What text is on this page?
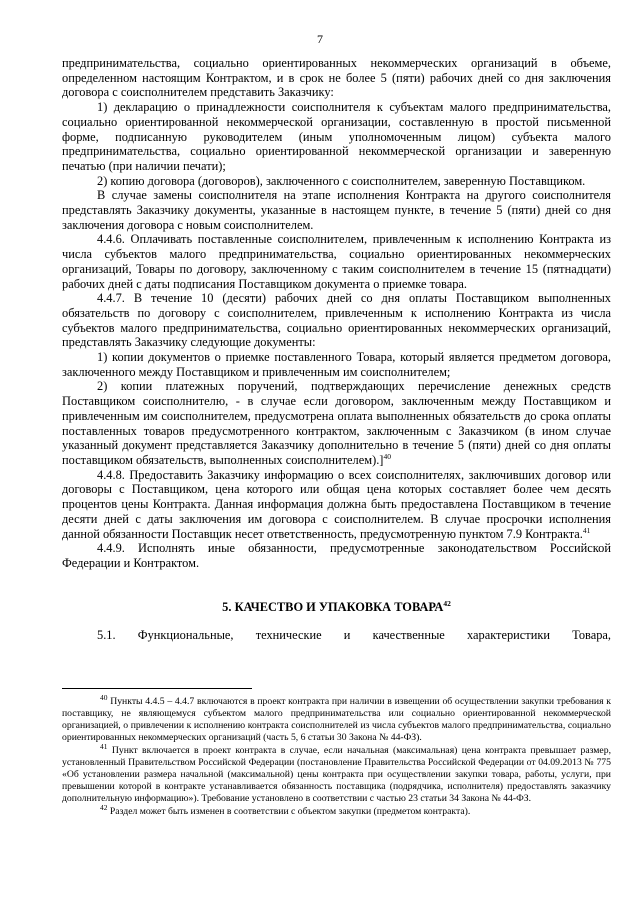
7

предпринимательства, социально ориентированных некоммерческих организаций в объеме, определенном настоящим Контрактом, и в срок не более 5 (пяти) рабочих дней со дня заключения договора с соисполнителем представить Заказчику:

1) декларацию о принадлежности соисполнителя к субъектам малого предпринимательства, социально ориентированной некоммерческой организации, составленную в простой письменной форме, подписанную руководителем (иным уполномоченным лицом) субъекта малого предпринимательства, социально ориентированной некоммерческой организации и заверенную печатью (при наличии печати);

2) копию договора (договоров), заключенного с соисполнителем, заверенную Поставщиком.

В случае замены соисполнителя на этапе исполнения Контракта на другого соисполнителя представлять Заказчику документы, указанные в настоящем пункте, в течение 5 (пяти) дней со дня заключения договора с новым соисполнителем.

4.4.6. Оплачивать поставленные соисполнителем, привлеченным к исполнению Контракта из числа субъектов малого предпринимательства, социально ориентированных некоммерческих организаций, Товары по договору, заключенному с таким соисполнителем в течение 15 (пятнадцати) рабочих дней с даты подписания Поставщиком документа о приемке товара.

4.4.7. В течение 10 (десяти) рабочих дней со дня оплаты Поставщиком выполненных обязательств по договору с соисполнителем, привлеченным к исполнению Контракта из числа субъектов малого предпринимательства, социально ориентированных некоммерческих организаций, представлять Заказчику следующие документы:

1) копии документов о приемке поставленного Товара, который является предметом договора, заключенного между Поставщиком и привлеченным им соисполнителем;

2) копии платежных поручений, подтверждающих перечисление денежных средств Поставщиком соисполнителю, - в случае если договором, заключенным между Поставщиком и привлеченным им соисполнителем, предусмотрена оплата выполненных обязательств до срока оплаты поставленных товаров предусмотренного контрактом, заключенным с Заказчиком (в ином случае указанный документ представляется Заказчику дополнительно в течение 5 (пяти) дней со дня оплаты поставщиком обязательств, выполненных соисполнителем).]$^{40}$

4.4.8. Предоставить Заказчику информацию о всех соисполнителях, заключивших договор или договоры с Поставщиком, цена которого или общая цена которых составляет более чем десять процентов цены Контракта. Данная информация должна быть предоставлена Поставщиком в течение десяти дней с даты заключения им договора с соисполнителем. В случае просрочки исполнения данной обязанности Поставщик несет ответственность, предусмотренную пунктом 7.9 Контракта.$^{41}$

4.4.9. Исполнять иные обязанности, предусмотренные законодательством Российской Федерации и Контрактом.

5. КАЧЕСТВО И УПАКОВКА ТОВАРА$^{42}$

5.1. Функциональные, технические и качественные характеристики Товара,

$^{40}$ Пункты 4.4.5 – 4.4.7 включаются в проект контракта при наличии в извещении об осуществлении закупки требования к поставщику, не являющемуся субъектом малого предпринимательства или социально ориентированной некоммерческой организацией, о привлечении к исполнению контракта соисполнителей из числа субъектов малого предпринимательства, социально ориентированных некоммерческих организаций (часть 5, 6 статьи 30 Закона № 44-ФЗ).

$^{41}$ Пункт включается в проект контракта в случае, если начальная (максимальная) цена контракта превышает размер, установленный Правительством Российской Федерации (постановление Правительства Российской Федерации от 04.09.2013 № 775 «Об установлении размера начальной (максимальной) цены контракта при осуществлении закупки товара, работы, услуги, при превышении которой в контракте устанавливается обязанность поставщика (подрядчика, исполнителя) предоставлять заказчику дополнительную информацию»). Требование установлено в соответствии с частью 23 статьи 34 Закона № 44-ФЗ.

$^{42}$ Раздел может быть изменен в соответствии с объектом закупки (предметом контракта).
